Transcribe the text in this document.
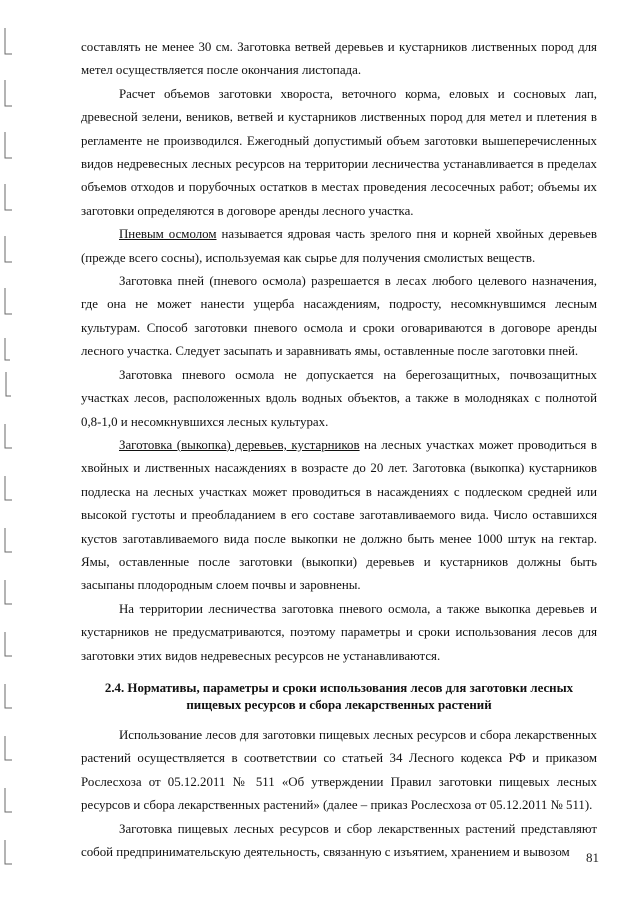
составлять не менее 30 см. Заготовка ветвей деревьев и кустарников лиственных пород для метел осуществляется после окончания листопада.

Расчет объемов заготовки хвороста, веточного корма, еловых и сосновых лап, древесной зелени, веников, ветвей и кустарников лиственных пород для метел и плетения в регламенте не производился. Ежегодный допустимый объем заготовки вышеперечисленных видов недревесных лесных ресурсов на территории лесничества устанавливается в пределах объемов отходов и порубочных остатков в местах проведения лесосечных работ; объемы их заготовки определяются в договоре аренды лесного участка.

Пневым осмолом называется ядровая часть зрелого пня и корней хвойных деревьев (прежде всего сосны), используемая как сырье для получения смолистых веществ.

Заготовка пней (пневого осмола) разрешается в лесах любого целевого назначения, где она не может нанести ущерба насаждениям, подросту, несомкнувшимся лесным культурам. Способ заготовки пневого осмола и сроки оговариваются в договоре аренды лесного участка. Следует засыпать и заравнивать ямы, оставленные после заготовки пней.

Заготовка пневого осмола не допускается на берегозащитных, почвозащитных участках лесов, расположенных вдоль водных объектов, а также в молодняках с полнотой 0,8-1,0 и несомкнувшихся лесных культурах.

Заготовка (выкопка) деревьев, кустарников на лесных участках может проводиться в хвойных и лиственных насаждениях в возрасте до 20 лет. Заготовка (выкопка) кустарников подлеска на лесных участках может проводиться в насаждениях с подлеском средней или высокой густоты и преобладанием в его составе заготавливаемого вида. Число оставшихся кустов заготавливаемого вида после выкопки не должно быть менее 1000 штук на гектар. Ямы, оставленные после заготовки (выкопки) деревьев и кустарников должны быть засыпаны плодородным слоем почвы и заровнены.

На территории лесничества заготовка пневого осмола, а также выкопка деревьев и кустарников не предусматриваются, поэтому параметры и сроки использования лесов для заготовки этих видов недревесных ресурсов не устанавливаются.

2.4. Нормативы, параметры и сроки использования лесов для заготовки лесных
пищевых ресурсов и сбора лекарственных растений

Использование лесов для заготовки пищевых лесных ресурсов и сбора лекарственных растений осуществляется в соответствии со статьей 34 Лесного кодекса РФ и приказом Рослесхоза от 05.12.2011 № 511 «Об утверждении Правил заготовки пищевых лесных ресурсов и сбора лекарственных растений» (далее – приказ Рослесхоза от 05.12.2011 № 511).

Заготовка пищевых лесных ресурсов и сбор лекарственных растений представляют собой предпринимательскую деятельность, связанную с изъятием, хранением и вывозом	81
